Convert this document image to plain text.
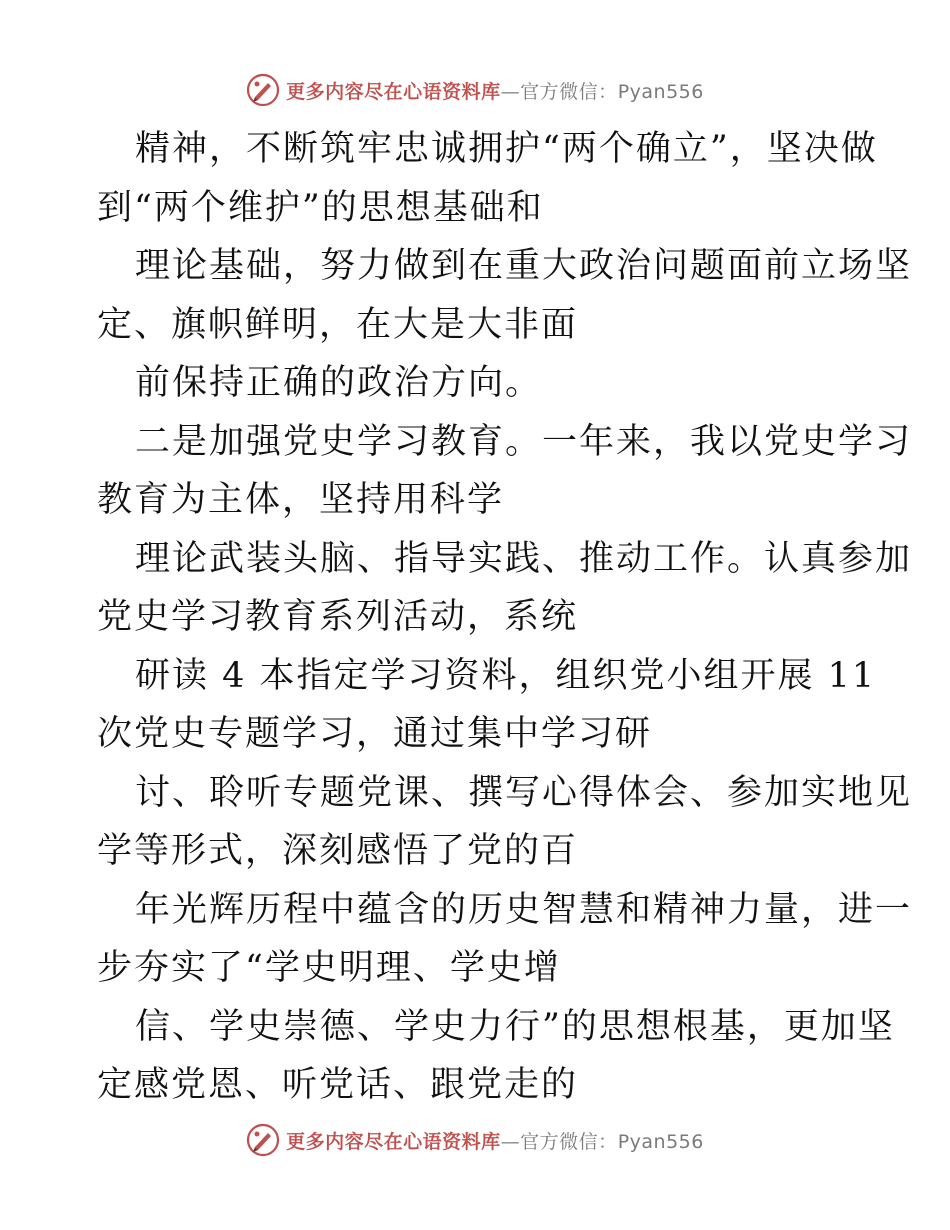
更多内容尽在心语资料库—官方微信：Pyan556
精神，不断筑牢忠诚拥护“两个确立”，坚决做
到“两个维护”的思想基础和
理论基础，努力做到在重大政治问题面前立场坚
定、旗帜鲜明，在大是大非面
前保持正确的政治方向。
二是加强党史学习教育。一年来，我以党史学习
教育为主体，坚持用科学
理论武装头脑、指导实践、推动工作。认真参加
党史学习教育系列活动，系统
研读 4 本指定学习资料，组织党小组开展 11
次党史专题学习，通过集中学习研
讨、聆听专题党课、撰写心得体会、参加实地见
学等形式，深刻感悟了党的百
年光辉历程中蕴含的历史智慧和精神力量，进一
步夯实了“学史明理、学史增
信、学史崇德、学史力行”的思想根基，更加坚
定感党恩、听党话、跟党走的
更多内容尽在心语资料库—官方微信：Pyan556
